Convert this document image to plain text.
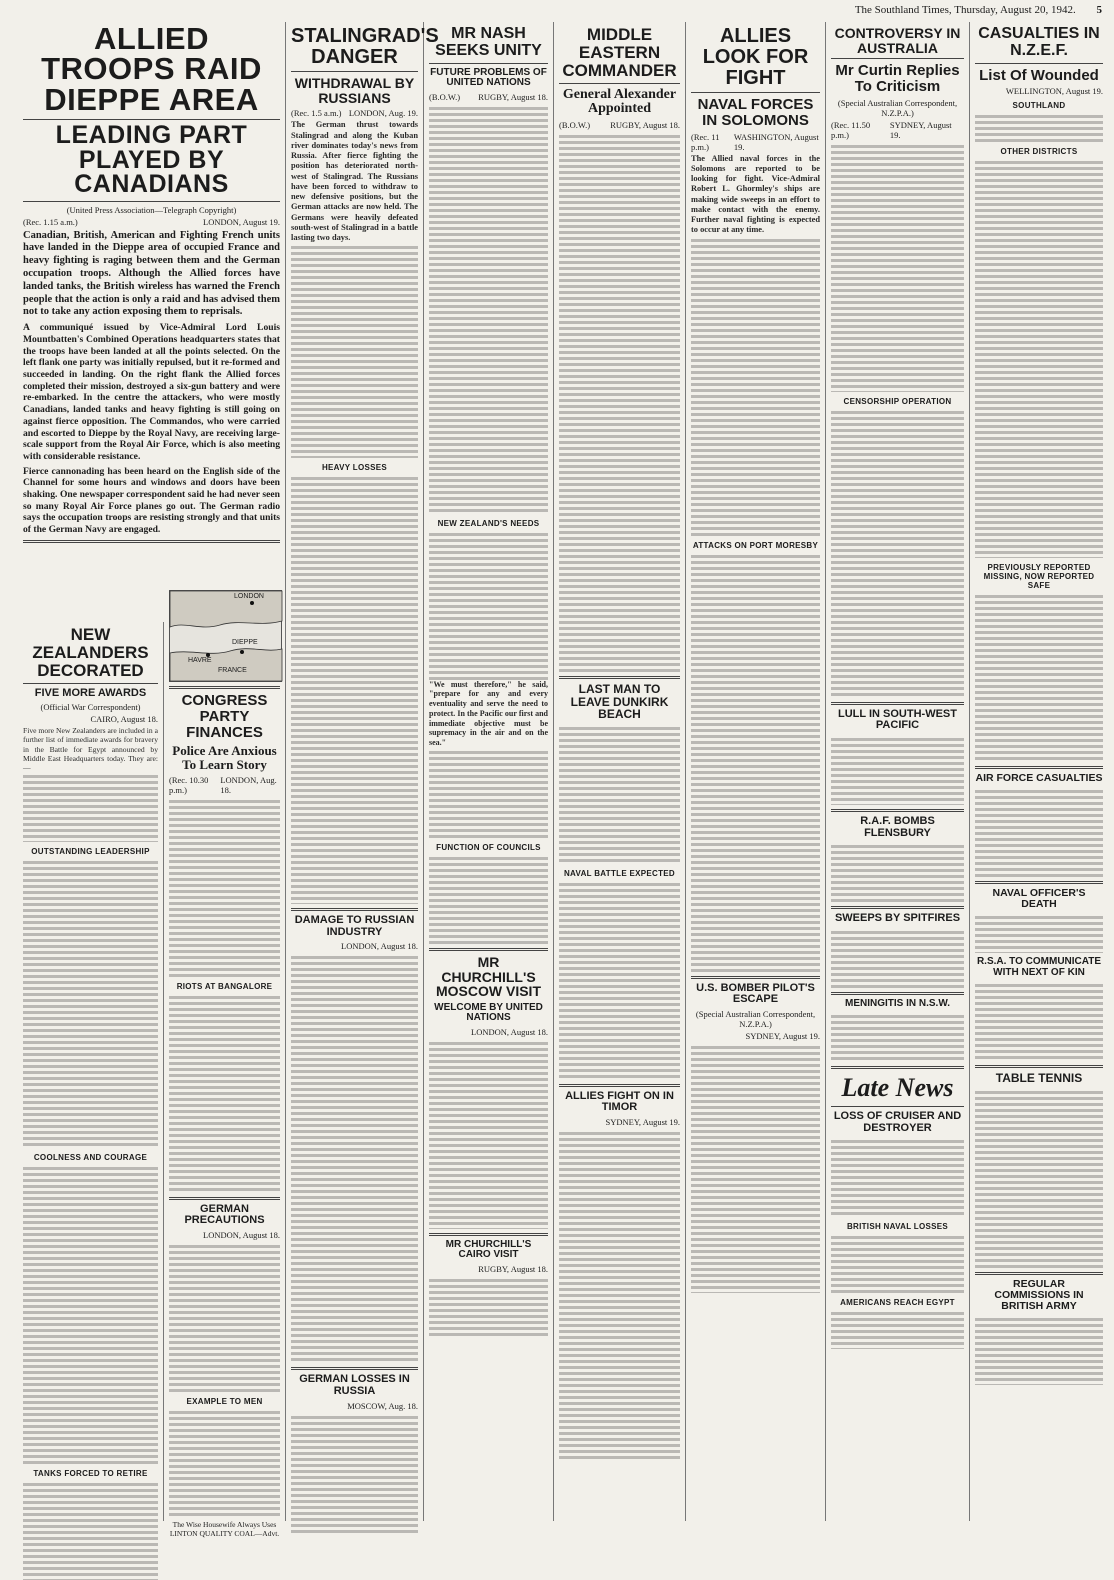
The Southland Times, Thursday, August 20, 1942. 5
ALLIED TROOPS RAID DIEPPE AREA
LEADING PART PLAYED BY CANADIANS
(United Press Association—Telegraph Copyright)
(Rec. 1.15 a.m.)	LONDON, August 19.

Canadian, British, American and Fighting French units have landed in the Dieppe area of occupied France and heavy fighting is raging between them and the German occupation troops. Although the Allied forces have landed tanks, the British wireless has warned the French people that the action is only a raid and has advised them not to take any action exposing them to reprisals.

A communiqué issued by Vice-Admiral Lord Louis Mountbatten's Combined Operations headquarters states that the troops have been landed at all the points selected. On the left flank one party was initially repulsed, but it re-formed and succeeded in landing. On the right flank the Allied forces completed their mission, destroyed a six-gun battery and were re-embarked. In the centre the attackers, who were mostly Canadians, landed tanks and heavy fighting is still going on against fierce opposition. The Commandos, who were carried and escorted to Dieppe by the Royal Navy, are receiving large-scale support from the Royal Air Force, which is also meeting with considerable resistance.

Fierce cannonading has been heard on the English side of the Channel for some hours and windows and doors have been shaking. One newspaper correspondent said he had never seen so many Royal Air Force planes go out. The German radio says the occupation troops are resisting strongly and that units of the German Navy are engaged.

NEW ZEALANDERS DECORATED
FIVE MORE AWARDS
(Official War Correspondent)
CAIRO, August 18.

Five more New Zealanders are included in a further list of immediate awards for bravery in the Battle for Egypt announced by Middle East Headquarters today. They are:—

OUTSTANDING LEADERSHIP
COOLNESS AND COURAGE
TANKS FORCED TO RETIRE
LONDON
DIEPPE
FRANCE
HAVRE
CONGRESS PARTY FINANCES
Police Are Anxious To Learn Story
(Rec. 10.30 p.m.)
LONDON, Aug. 18.
RIOTS AT BANGALORE
GERMAN PRECAUTIONS
LONDON, August 18.
EXAMPLE TO MEN
The Wise Housewife Always Uses LINTON QUALITY COAL—Advt.
STALINGRAD'S DANGER
WITHDRAWAL BY RUSSIANS
(Rec. 1.5 a.m.) LONDON, Aug. 19.

The German thrust towards Stalingrad and along the Kuban river dominates today's news from Russia. After fierce fighting the position has deteriorated north-west of Stalingrad. The Russians have been forced to withdraw to new defensive positions, but the German attacks are now held. The Germans were heavily defeated south-west of Stalingrad in a battle lasting two days.

HEAVY LOSSES
DAMAGE TO RUSSIAN INDUSTRY
LONDON, August 18.
GERMAN LOSSES IN RUSSIA
MOSCOW, Aug. 18.
MR NASH SEEKS UNITY
FUTURE PROBLEMS OF UNITED NATIONS
(B.O.W.) RUGBY, August 18.
NEW ZEALAND'S NEEDS

"We must therefore," he said, "prepare for any and every eventuality and serve the need to protect. In the Pacific our first and immediate objective must be supremacy in the air and on the sea."

FUNCTION OF COUNCILS
MR CHURCHILL'S MOSCOW VISIT
WELCOME BY UNITED NATIONS
LONDON, August 18.
MR CHURCHILL'S CAIRO VISIT
RUGBY, August 18.
MIDDLE EASTERN COMMANDER
General Alexander Appointed
(B.O.W.) RUGBY, August 18.
LAST MAN TO LEAVE DUNKIRK BEACH
NAVAL BATTLE EXPECTED
ALLIES FIGHT ON IN TIMOR
SYDNEY, August 19.
ALLIES LOOK FOR FIGHT
NAVAL FORCES IN SOLOMONS
(Rec. 11 p.m.)
WASHINGTON, August 19.

The Allied naval forces in the Solomons are reported to be looking for fight. Vice-Admiral Robert L. Ghormley's ships are making wide sweeps in an effort to make contact with the enemy. Further naval fighting is expected to occur at any time.

ATTACKS ON PORT MORESBY
U.S. BOMBER PILOT'S ESCAPE
(Special Australian Correspondent, N.Z.P.A.)
SYDNEY, August 19.
CONTROVERSY IN AUSTRALIA
Mr Curtin Replies To Criticism
(Special Australian Correspondent, N.Z.P.A.)
(Rec. 11.50 p.m.)
SYDNEY, August 19.
CENSORSHIP OPERATION
LULL IN SOUTH-WEST PACIFIC
R.A.F. BOMBS FLENSBURY
SWEEPS BY SPITFIRES
MENINGITIS IN N.S.W.
Late News
LOSS OF CRUISER AND DESTROYER
BRITISH NAVAL LOSSES
AMERICANS REACH EGYPT
CASUALTIES IN N.Z.E.F.
List Of Wounded
WELLINGTON, August 19.
SOUTHLAND
OTHER DISTRICTS
PREVIOUSLY REPORTED MISSING, NOW REPORTED SAFE
AIR FORCE CASUALTIES
NAVAL OFFICER'S DEATH
R.S.A. TO COMMUNICATE WITH NEXT OF KIN
TABLE TENNIS
REGULAR COMMISSIONS IN BRITISH ARMY
